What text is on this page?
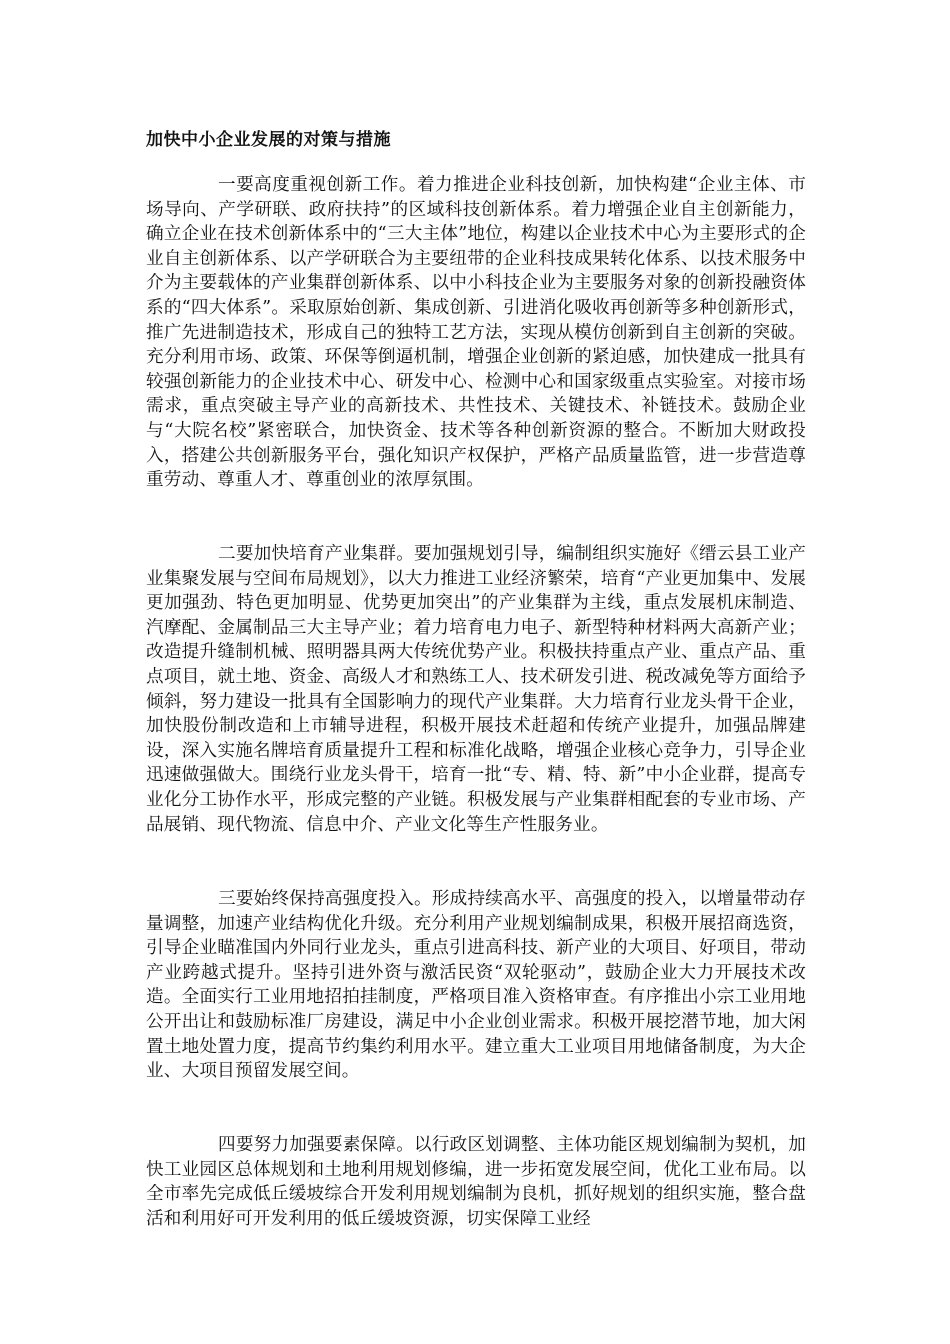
加快中小企业发展的对策与措施

一要高度重视创新工作。着力推进企业科技创新，加快构建“企业主体、市场导向、产学研联、政府扶持”的区域科技创新体系。着力增强企业自主创新能力，确立企业在技术创新体系中的“三大主体”地位，构建以企业技术中心为主要形式的企业自主创新体系、以产学研联合为主要纽带的企业科技成果转化体系、以技术服务中介为主要载体的产业集群创新体系、以中小科技企业为主要服务对象的创新投融资体系的“四大体系”。采取原始创新、集成创新、引进消化吸收再创新等多种创新形式，推广先进制造技术，形成自己的独特工艺方法，实现从模仿创新到自主创新的突破。充分利用市场、政策、环保等倒逼机制，增强企业创新的紧迫感，加快建成一批具有较强创新能力的企业技术中心、研发中心、检测中心和国家级重点实验室。对接市场需求，重点突破主导产业的高新技术、共性技术、关键技术、补链技术。鼓励企业与“大院名校”紧密联合，加快资金、技术等各种创新资源的整合。不断加大财政投入，搭建公共创新服务平台，强化知识产权保护，严格产品质量监管，进一步营造尊重劳动、尊重人才、尊重创业的浓厚氛围。

二要加快培育产业集群。要加强规划引导，编制组织实施好《缙云县工业产业集聚发展与空间布局规划》，以大力推进工业经济繁荣，培育“产业更加集中、发展更加强劲、特色更加明显、优势更加突出”的产业集群为主线，重点发展机床制造、汽摩配、金属制品三大主导产业；着力培育电力电子、新型特种材料两大高新产业；改造提升缝制机械、照明器具两大传统优势产业。积极扶持重点产业、重点产品、重点项目，就土地、资金、高级人才和熟练工人、技术研发引进、税改减免等方面给予倾斜，努力建设一批具有全国影响力的现代产业集群。大力培育行业龙头骨干企业，加快股份制改造和上市辅导进程，积极开展技术赶超和传统产业提升，加强品牌建设，深入实施名牌培育质量提升工程和标准化战略，增强企业核心竞争力，引导企业迅速做强做大。围绕行业龙头骨干，培育一批“专、精、特、新”中小企业群，提高专业化分工协作水平，形成完整的产业链。积极发展与产业集群相配套的专业市场、产品展销、现代物流、信息中介、产业文化等生产性服务业。

三要始终保持高强度投入。形成持续高水平、高强度的投入，以增量带动存量调整，加速产业结构优化升级。充分利用产业规划编制成果，积极开展招商选资，引导企业瞄准国内外同行业龙头，重点引进高科技、新产业的大项目、好项目，带动产业跨越式提升。坚持引进外资与激活民资“双轮驱动”，鼓励企业大力开展技术改造。全面实行工业用地招拍挂制度，严格项目准入资格审查。有序推出小宗工业用地公开出让和鼓励标准厂房建设，满足中小企业创业需求。积极开展挖潜节地，加大闲置土地处置力度，提高节约集约利用水平。建立重大工业项目用地储备制度，为大企业、大项目预留发展空间。

四要努力加强要素保障。以行政区划调整、主体功能区规划编制为契机，加快工业园区总体规划和土地利用规划修编，进一步拓宽发展空间，优化工业布局。以全市率先完成低丘缓坡综合开发利用规划编制为良机，抓好规划的组织实施，整合盘活和利用好可开发利用的低丘缓坡资源，切实保障工业经
